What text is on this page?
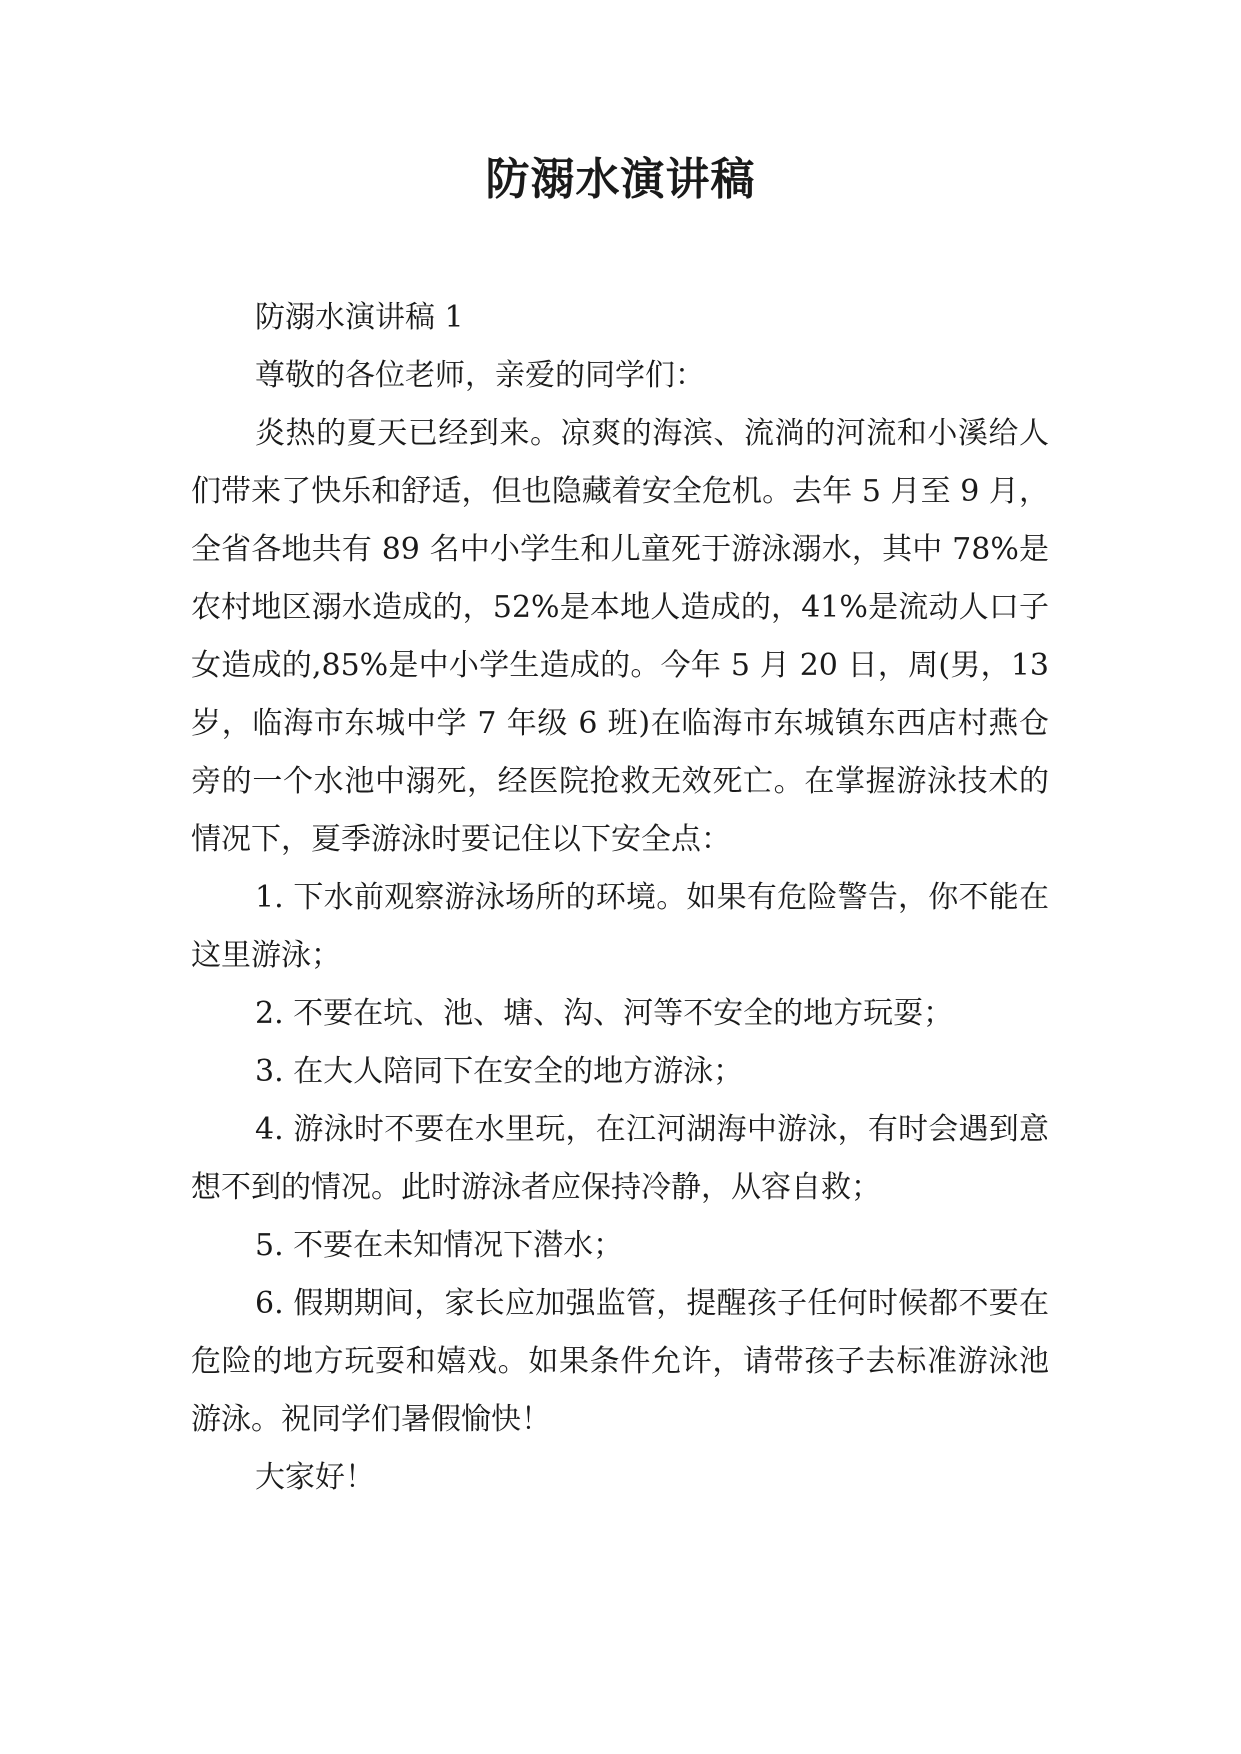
防溺水演讲稿

防溺水演讲稿 1

尊敬的各位老师，亲爱的同学们：

炎热的夏天已经到来。凉爽的海滨、流淌的河流和小溪给人们带来了快乐和舒适，但也隐藏着安全危机。去年 5 月至 9 月，全省各地共有 89 名中小学生和儿童死于游泳溺水，其中 78%是农村地区溺水造成的，52%是本地人造成的，41%是流动人口子女造成的,85%是中小学生造成的。今年 5 月 20 日，周(男，13 岁，临海市东城中学 7 年级 6 班)在临海市东城镇东西店村燕仓旁的一个水池中溺死，经医院抢救无效死亡。在掌握游泳技术的情况下，夏季游泳时要记住以下安全点：

1. 下水前观察游泳场所的环境。如果有危险警告，你不能在这里游泳；

2. 不要在坑、池、塘、沟、河等不安全的地方玩耍；

3. 在大人陪同下在安全的地方游泳；

4. 游泳时不要在水里玩，在江河湖海中游泳，有时会遇到意想不到的情况。此时游泳者应保持冷静，从容自救；

5. 不要在未知情况下潜水；

6. 假期期间，家长应加强监管，提醒孩子任何时候都不要在危险的地方玩耍和嬉戏。如果条件允许，请带孩子去标准游泳池游泳。祝同学们暑假愉快！

大家好！
